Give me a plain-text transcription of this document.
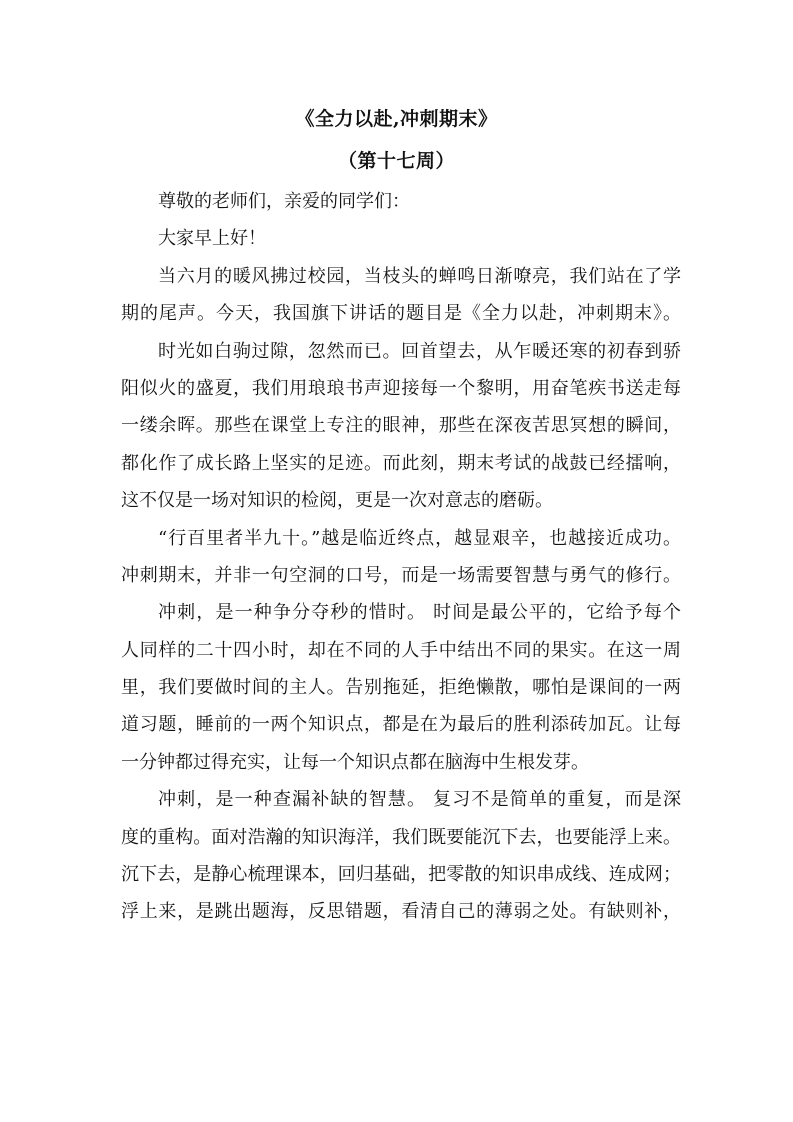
《全力以赴,冲刺期末》
（第十七周）
尊敬的老师们，亲爱的同学们：
大家早上好！
当六月的暖风拂过校园，当枝头的蝉鸣日渐嘹亮，我们站在了学
期的尾声。今天，我国旗下讲话的题目是《全力以赴，冲刺期末》。
时光如白驹过隙，忽然而已。回首望去，从乍暖还寒的初春到骄
阳似火的盛夏，我们用琅琅书声迎接每一个黎明，用奋笔疾书送走每
一缕余晖。那些在课堂上专注的眼神，那些在深夜苦思冥想的瞬间，
都化作了成长路上坚实的足迹。而此刻，期末考试的战鼓已经擂响，
这不仅是一场对知识的检阅，更是一次对意志的磨砺。
“行百里者半九十。”越是临近终点，越显艰辛，也越接近成功。
冲刺期末，并非一句空洞的口号，而是一场需要智慧与勇气的修行。
冲刺，是一种争分夺秒的惜时。 时间是最公平的，它给予每个
人同样的二十四小时，却在不同的人手中结出不同的果实。在这一周
里，我们要做时间的主人。告别拖延，拒绝懒散，哪怕是课间的一两
道习题，睡前的一两个知识点，都是在为最后的胜利添砖加瓦。让每
一分钟都过得充实，让每一个知识点都在脑海中生根发芽。
冲刺，是一种查漏补缺的智慧。 复习不是简单的重复，而是深
度的重构。面对浩瀚的知识海洋，我们既要能沉下去，也要能浮上来。
沉下去，是静心梳理课本，回归基础，把零散的知识串成线、连成网；
浮上来，是跳出题海，反思错题，看清自己的薄弱之处。有缺则补，
